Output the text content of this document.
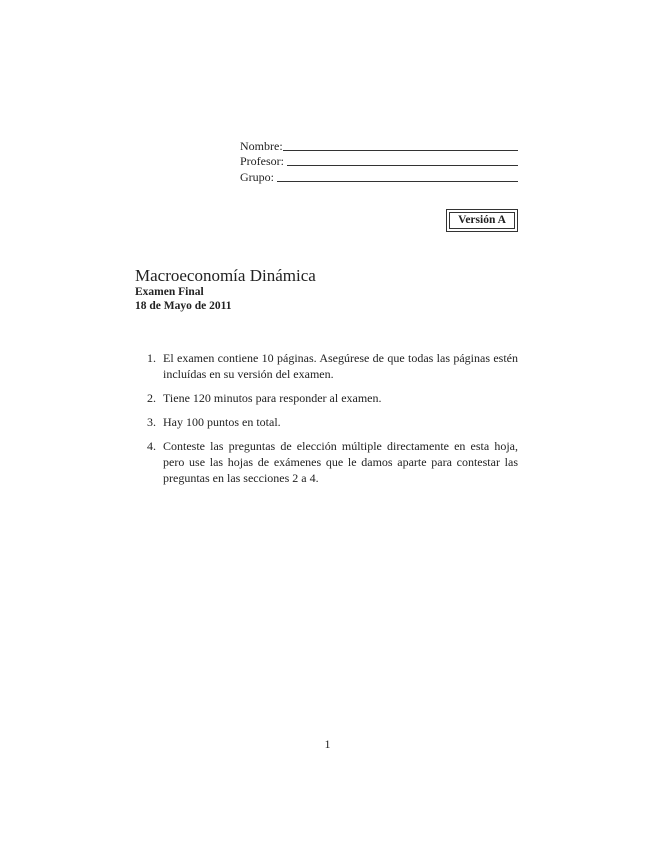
Nombre:
Profesor:
Grupo:
Versión A
Macroeconomía Dinámica
Examen Final
18 de Mayo de 2011
1. El examen contiene 10 páginas. Asegúrese de que todas las páginas estén incluídas en su versión del examen.
2. Tiene 120 minutos para responder al examen.
3. Hay 100 puntos en total.
4. Conteste las preguntas de elección múltiple directamente en esta hoja, pero use las hojas de exámenes que le damos aparte para contestar las preguntas en las secciones 2 a 4.
1
